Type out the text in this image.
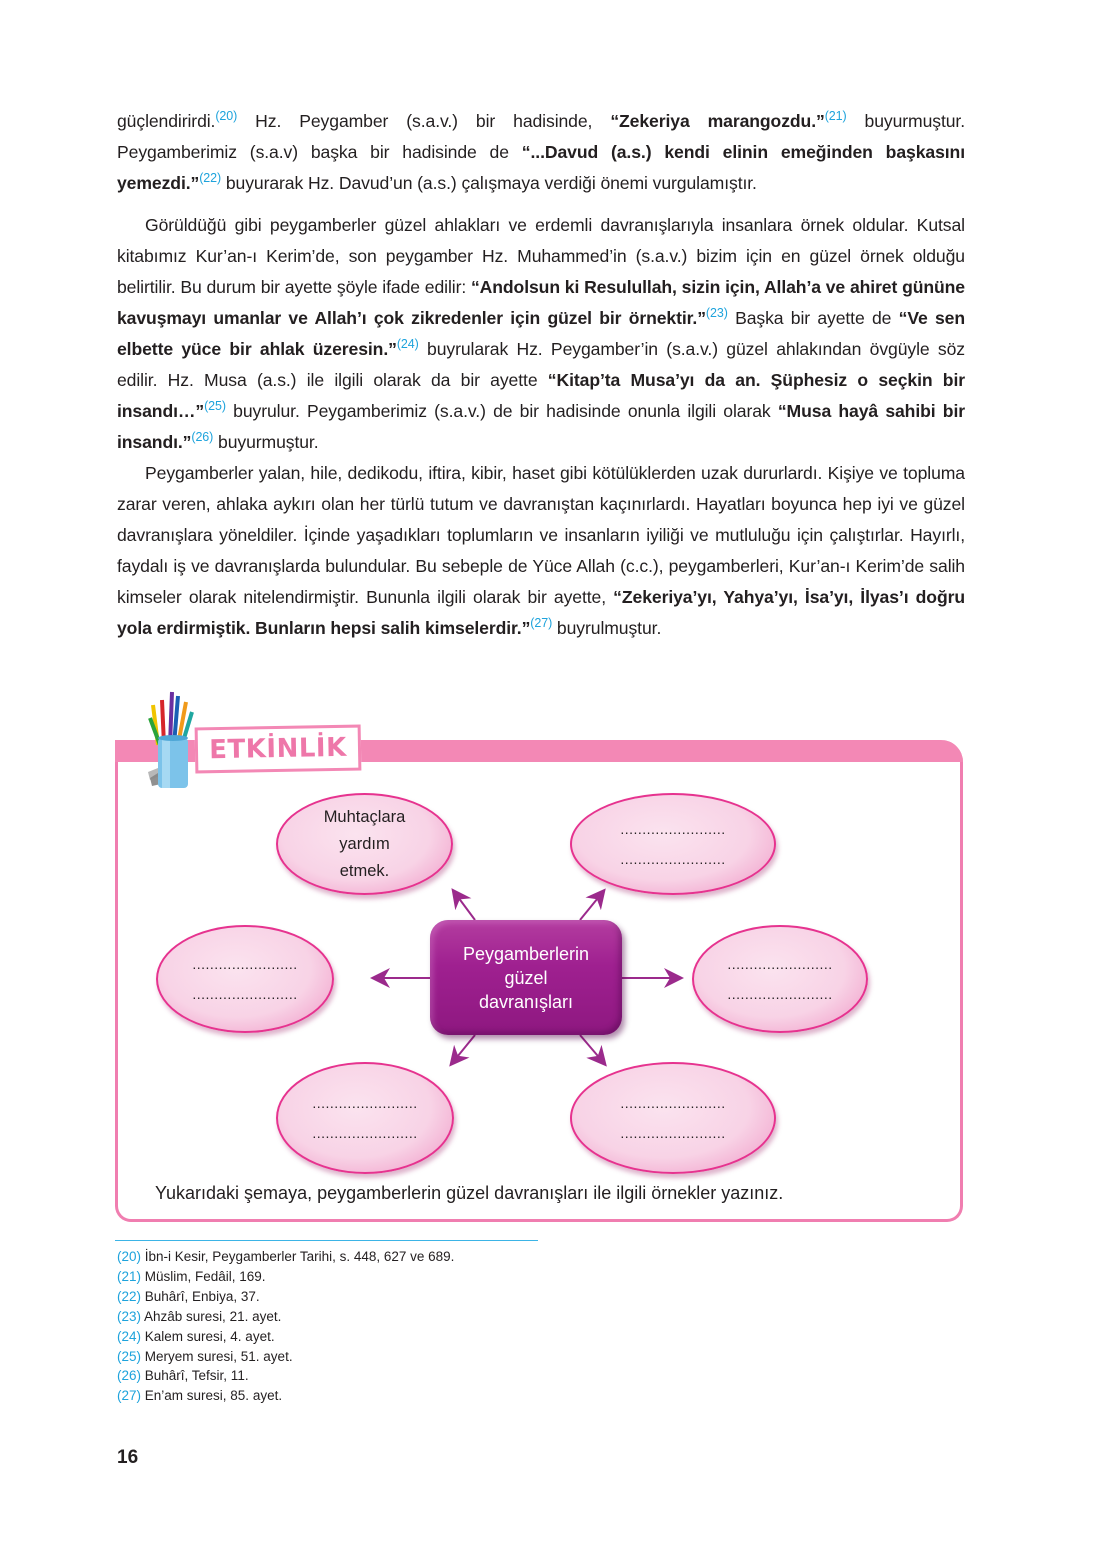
güçlendirirdi.$^{(20)}$ Hz. Peygamber (s.a.v.) bir hadisinde, “Zekeriya marangozdu.”$^{(21)}$ buyurmuştur. Peygamberimiz (s.a.v) başka bir hadisinde de “...Davud (a.s.) kendi elinin emeğinden başkasını yemezdi.”$^{(22)}$ buyurarak Hz. Davud’un (a.s.) çalışmaya verdiği önemi vurgulamıştır.
Görüldüğü gibi peygamberler güzel ahlakları ve erdemli davranışlarıyla insanlara örnek oldular. Kutsal kitabımız Kur’an-ı Kerim’de, son peygamber Hz. Muhammed’in (s.a.v.) bizim için en güzel örnek olduğu belirtilir. Bu durum bir ayette şöyle ifade edilir: “Andolsun ki Resulullah, sizin için, Allah’a ve ahiret gününe kavuşmayı umanlar ve Allah’ı çok zikredenler için güzel bir örnektir.”$^{(23)}$ Başka bir ayette de “Ve sen elbette yüce bir ahlak üzeresin.”$^{(24)}$ buyrularak Hz. Peygamber’in (s.a.v.) güzel ahlakından övgüyle söz edilir. Hz. Musa (a.s.) ile ilgili olarak da bir ayette “Kitap’ta Musa’yı da an. Şüphesiz o seçkin bir insandı…”$^{(25)}$ buyrulur. Peygamberimiz (s.a.v.) de bir hadisinde onunla ilgili olarak “Musa hayâ sahibi bir insandı.”$^{(26)}$ buyurmuştur.
Peygamberler yalan, hile, dedikodu, iftira, kibir, haset gibi kötülüklerden uzak dururlardı. Kişiye ve topluma zarar veren, ahlaka aykırı olan her türlü tutum ve davranıştan kaçınırlardı. Hayatları boyunca hep iyi ve güzel davranışlara yöneldiler. İçinde yaşadıkları toplumların ve insanların iyiliği ve mutluluğu için çalıştırlar. Hayırlı, faydalı iş ve davranışlarda bulundular. Bu sebeple de Yüce Allah (c.c.), peygamberleri, Kur’an-ı Kerim’de salih kimseler olarak nitelendirmiştir. Bununla ilgili olarak bir ayette, “Zekeriya’yı, Yahya’yı, İsa’yı, İlyas’ı doğru yola erdirmiştik. Bunların hepsi salih kimselerdir.”$^{(27)}$ buyrulmuştur.
ETKİNLİK
Muhtaçlara
yardım
etmek.
........................
........................
........................
........................
........................
........................
........................
........................
........................
........................
Peygamberlerin
güzel
davranışları
Yukarıdaki şemaya, peygamberlerin güzel davranışları ile ilgili örnekler yazınız.
(20) İbn-i Kesir, Peygamberler Tarihi, s. 448, 627 ve 689.
(21) Müslim, Fedâil, 169.
(22) Buhârî, Enbiya, 37.
(23) Ahzâb suresi, 21. ayet.
(24) Kalem suresi, 4. ayet.
(25) Meryem suresi, 51. ayet.
(26) Buhârî, Tefsir, 11.
(27) En’am suresi, 85. ayet.
16
